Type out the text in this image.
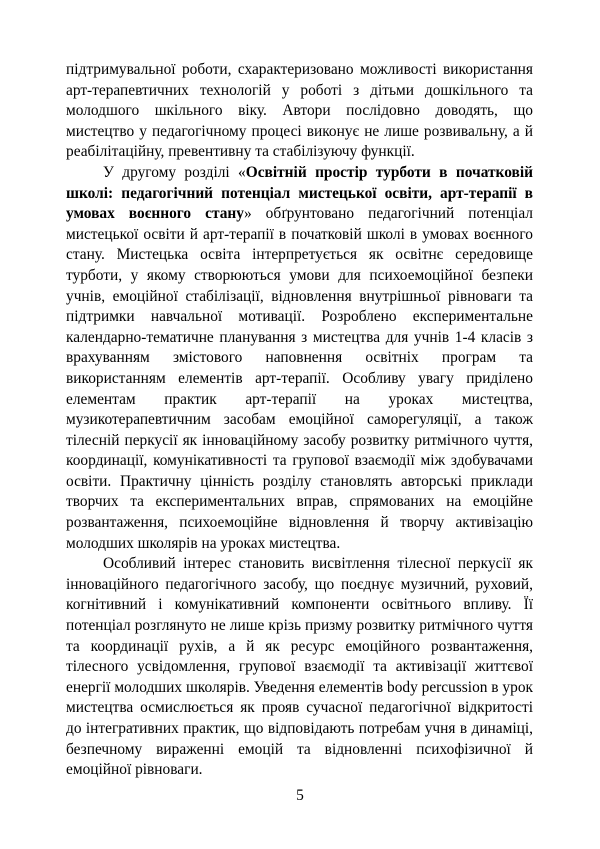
підтримувальної роботи, схарактеризовано можливості використання арт-терапевтичних технологій у роботі з дітьми дошкільного та молодшого шкільного віку. Автори послідовно доводять, що мистецтво у педагогічному процесі виконує не лише розвивальну, а й реабілітаційну, превентивну та стабілізуючу функції.

У другому розділі «Освітній простір турботи в початковій школі: педагогічний потенціал мистецької освіти, арт-терапії в умовах воєнного стану» обґрунтовано педагогічний потенціал мистецької освіти й арт-терапії в початковій школі в умовах воєнного стану. Мистецька освіта інтерпретується як освітнє середовище турботи, у якому створюються умови для психоемоційної безпеки учнів, емоційної стабілізації, відновлення внутрішньої рівноваги та підтримки навчальної мотивації. Розроблено експериментальне календарно-тематичне планування з мистецтва для учнів 1-4 класів з врахуванням змістового наповнення освітніх програм та використанням елементів арт-терапії. Особливу увагу приділено елементам практик арт-терапії на уроках мистецтва, музикотерапевтичним засобам емоційної саморегуляції, а також тілесній перкусії як інноваційному засобу розвитку ритмічного чуття, координації, комунікативності та групової взаємодії між здобувачами освіти. Практичну цінність розділу становлять авторські приклади творчих та експериментальних вправ, спрямованих на емоційне розвантаження, психоемоційне відновлення й творчу активізацію молодших школярів на уроках мистецтва.

Особливий інтерес становить висвітлення тілесної перкусії як інноваційного педагогічного засобу, що поєднує музичний, руховий, когнітивний і комунікативний компоненти освітнього впливу. Її потенціал розглянуто не лише крізь призму розвитку ритмічного чуття та координації рухів, а й як ресурс емоційного розвантаження, тілесного усвідомлення, групової взаємодії та активізації життєвої енергії молодших школярів. Уведення елементів body percussion в урок мистецтва осмислюється як прояв сучасної педагогічної відкритості до інтегративних практик, що відповідають потребам учня в динаміці, безпечному вираженні емоцій та відновленні психофізичної й емоційної рівноваги.

5
